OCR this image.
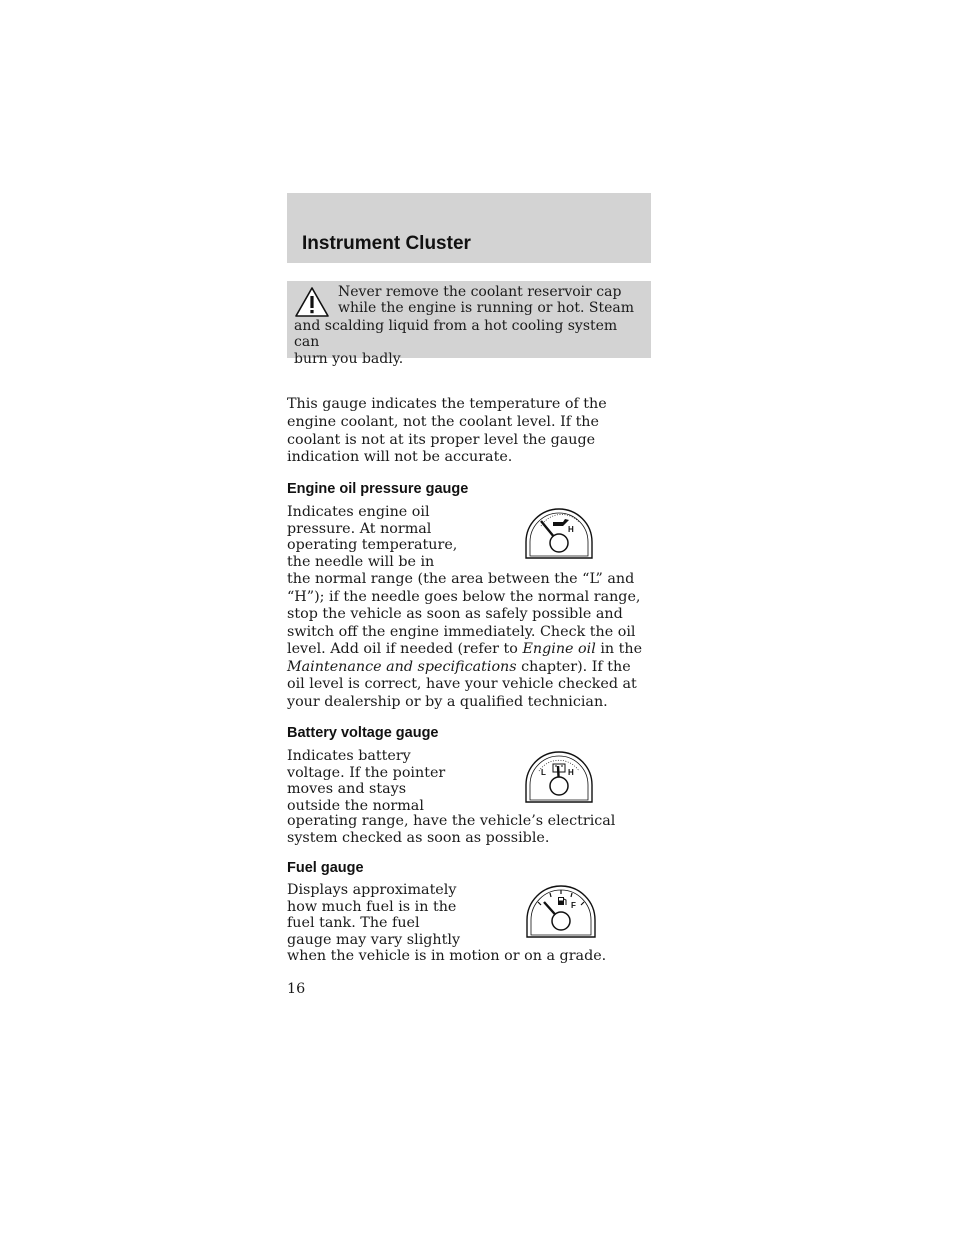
Instrument Cluster
Never remove the coolant reservoir cap
while the engine is running or hot. Steam
and scalding liquid from a hot cooling system can
burn you badly.
This gauge indicates the temperature of the engine coolant, not the coolant level. If the coolant is not at its proper level the gauge indication will not be accurate.
Engine oil pressure gauge
Indicates engine oil
pressure. At normal
operating temperature,
the needle will be in
H
the normal range (the area between the “L” and “H”); if the needle goes below the normal range, stop the vehicle as soon as safely possible and switch off the engine immediately. Check the oil level. Add oil if needed (refer to Engine oil in the Maintenance and specifications chapter). If the oil level is correct, have your vehicle checked at your dealership or by a qualified technician.
Battery voltage gauge
Indicates battery
voltage. If the pointer
moves and stays
outside the normal
L	H
operating range, have the vehicle’s electrical system checked as soon as possible.
Fuel gauge
Displays approximately
how much fuel is in the
fuel tank. The fuel
gauge may vary slightly
F
when the vehicle is in motion or on a grade.
16
